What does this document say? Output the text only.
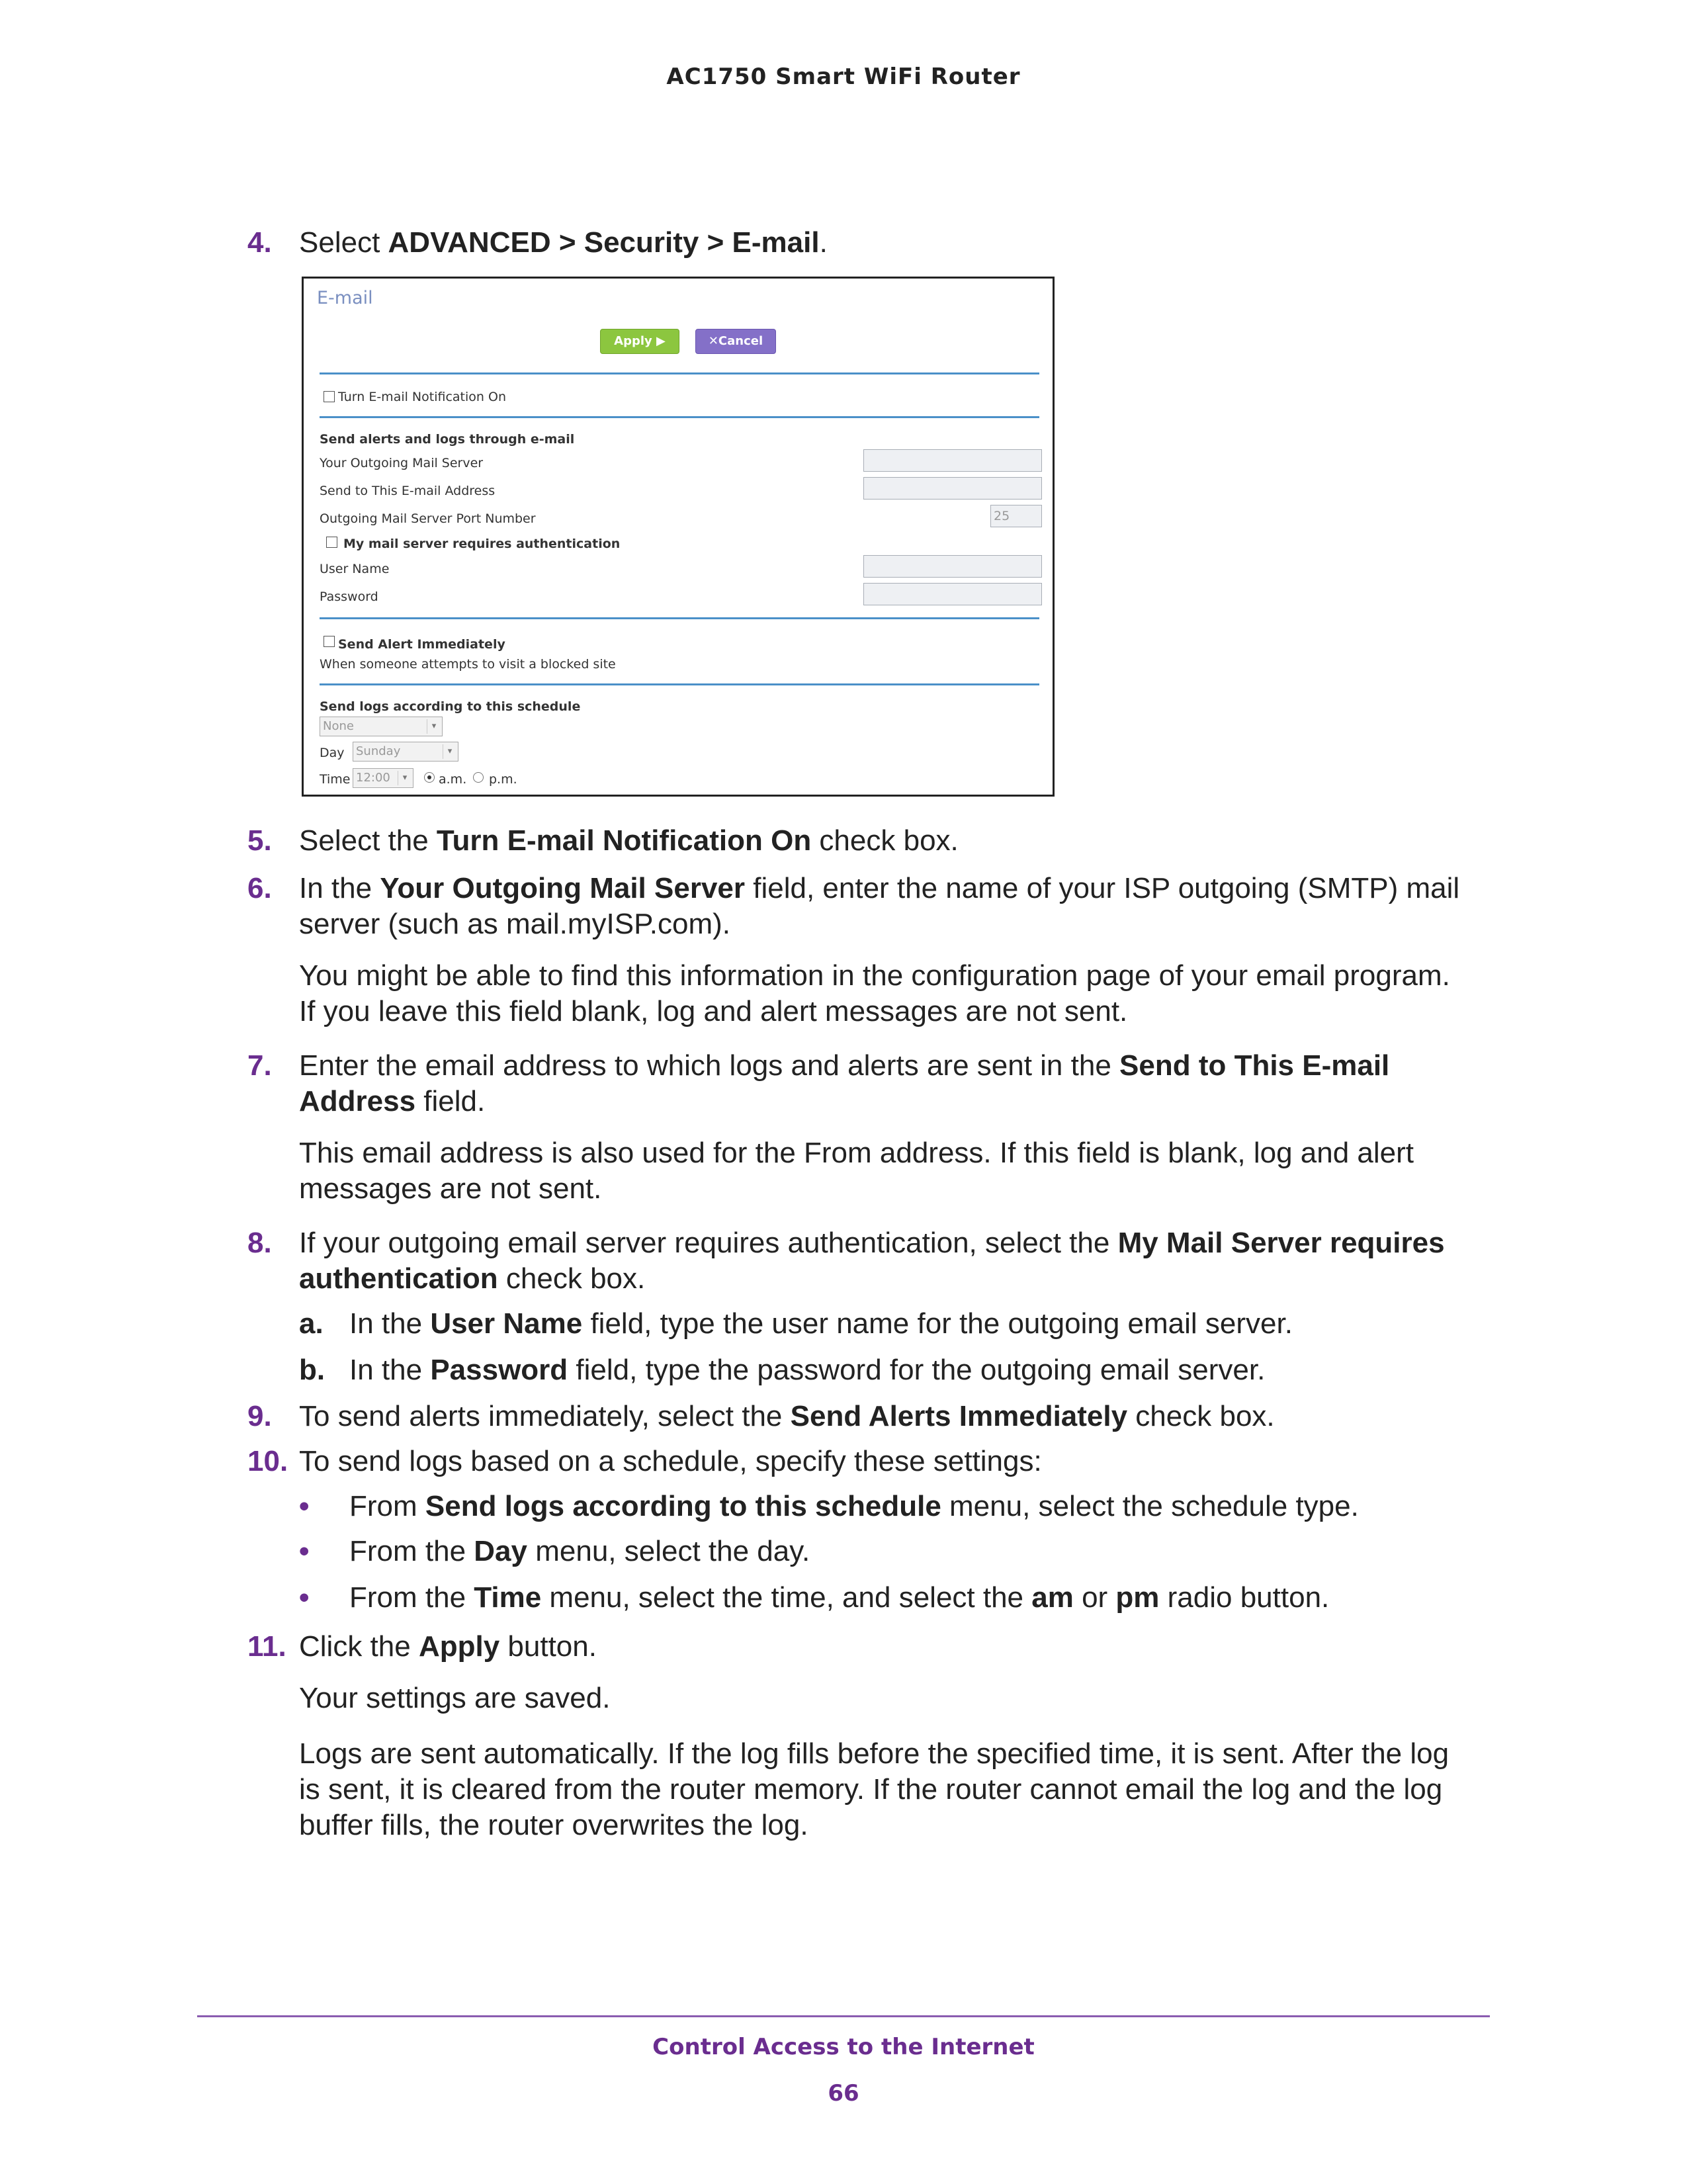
AC1750 Smart WiFi Router
4. Select ADVANCED > Security > E-mail.
E-mail
Apply ▶	✕Cancel
Turn E-mail Notification On
Send alerts and logs through e-mail
Your Outgoing Mail Server
Send to This E-mail Address
Outgoing Mail Server Port Number	25
My mail server requires authentication
User Name
Password
Send Alert Immediately
When someone attempts to visit a blocked site
Send logs according to this schedule
None	▾
Day Sunday	▾
Time 12:00	▾	a.m. p.m.
5. Select the Turn E-mail Notification On check box.
6. In the Your Outgoing Mail Server field, enter the name of your ISP outgoing (SMTP) mail
server (such as mail.myISP.com).
You might be able to find this information in the configuration page of your email program.
If you leave this field blank, log and alert messages are not sent.
7. Enter the email address to which logs and alerts are sent in the Send to This E-mail
Address field.
This email address is also used for the From address. If this field is blank, log and alert
messages are not sent.
8. If your outgoing email server requires authentication, select the My Mail Server requires
authentication check box.
a. In the User Name field, type the user name for the outgoing email server.
b. In the Password field, type the password for the outgoing email server.
9. To send alerts immediately, select the Send Alerts Immediately check box.
10. To send logs based on a schedule, specify these settings:
• From Send logs according to this schedule menu, select the schedule type.
• From the Day menu, select the day.
• From the Time menu, select the time, and select the am or pm radio button.
11. Click the Apply button.
Your settings are saved.
Logs are sent automatically. If the log fills before the specified time, it is sent. After the log
is sent, it is cleared from the router memory. If the router cannot email the log and the log
buffer fills, the router overwrites the log.
Control Access to the Internet
66
